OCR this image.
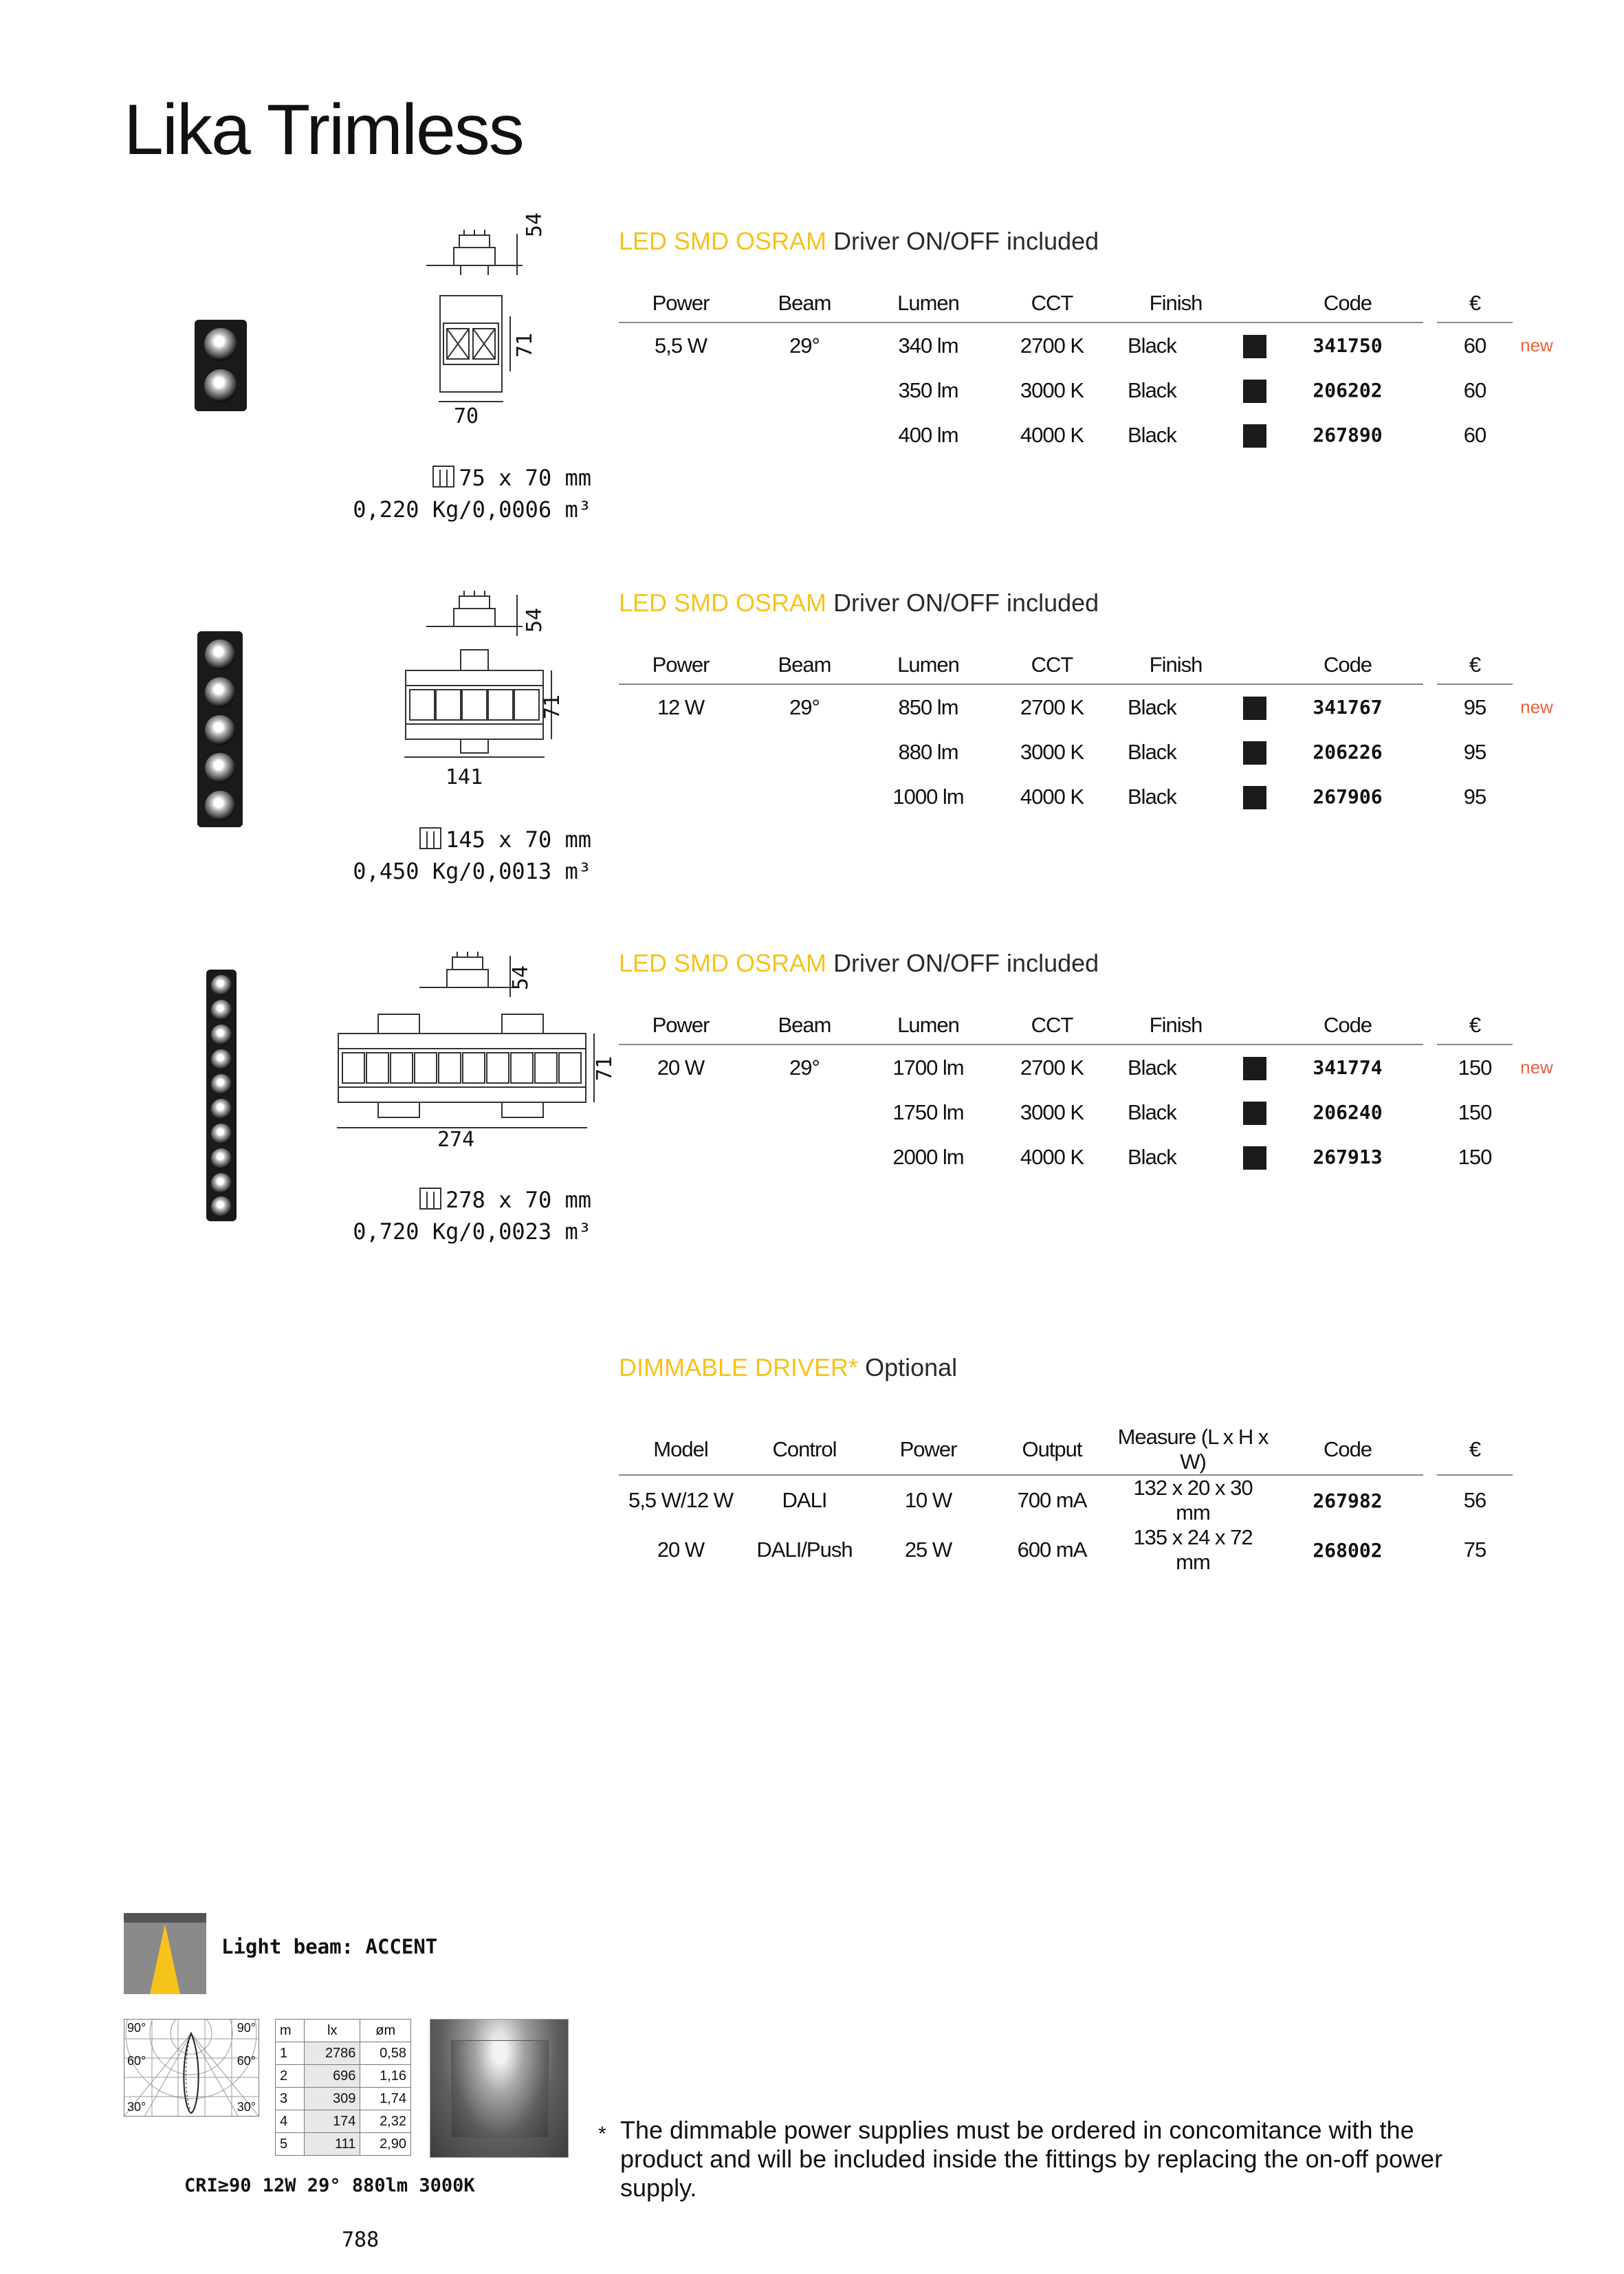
Lika Trimless
54
71
70
75 x 70 mm
0,220 Kg/0,0006 m³
LED SMD OSRAM Driver ON/OFF included
Power	Beam	Lumen	CCT	Finish		Code		€	
5,5 W	29°	340 lm	2700 K	Black		341750		60	new
		350 lm	3000 K	Black		206202		60	
		400 lm	4000 K	Black		267890		60	
54
71
141
145 x 70 mm
0,450 Kg/0,0013 m³
LED SMD OSRAM Driver ON/OFF included
Power	Beam	Lumen	CCT	Finish		Code		€	
12 W	29°	850 lm	2700 K	Black		341767		95	new
		880 lm	3000 K	Black		206226		95	
		1000 lm	4000 K	Black		267906		95	
54
71
274
278 x 70 mm
0,720 Kg/0,0023 m³
LED SMD OSRAM Driver ON/OFF included
Power	Beam	Lumen	CCT	Finish		Code		€	
20 W	29°	1700 lm	2700 K	Black		341774		150	new
		1750 lm	3000 K	Black		206240		150	
		2000 lm	4000 K	Black		267913		150	
DIMMABLE DRIVER* Optional
Model	Control	Power	Output	Measure (L x H x W)	Code		€
5,5 W/12 W	DALI	10 W	700 mA	132 x 20 x 30 mm	267982		56
20 W	DALI/Push	25 W	600 mA	135 x 24 x 72 mm	268002		75
Light beam: ACCENT
90°	90°
60°	60°
30°	30°
m	lx	øm
1	2786	0,58
2	696	1,16
3	309	1,74
4	174	2,32
5	111	2,90
CRI≥90 12W 29° 880lm 3000K
* The dimmable power supplies must be ordered in concomitance with the product and will be included inside the fittings by replacing the on-off power supply.
788
